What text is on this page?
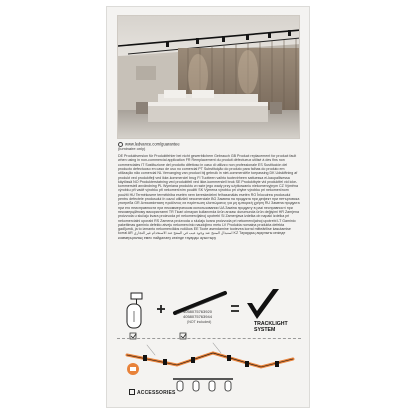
www.ledvance.com/guarantee
(luminaire only)

DE Produktversion für Produktfehler bei nicht gewerblichem Gebrauch GB Product replacement for product fault when using in non-commercial application FR Remplacement du produit défectueux utilisé à des fins non commerciales IT Sostituzione del prodotto difettoso in caso di utilizzo non professionale ES Sustitución del producto defectuoso en caso de uso no comercial PT Substituição do produto para falhas do produto em utilização não comercial NL Vervanging van product bij gebruik in niet-commerciële toepassing DK Udskiftning af produkt ved produktfejl ved ikke-kommerciel brug FI Tuotteen vaihto tuotevirheen sattuessa ei-kaupallisessa käytössä NO Produkterstatning ved produktfeil ved ikke-kommersiell bruk SE Produktbyte vid produktfel vid icke-kommersiell användning PL Wymiana produktu w razie jego wady przy użytkowaniu niekomercyjnym CZ Výměna výrobku při vadě výrobku při nekomerčním použití SK Výmena výrobku pri chybe výrobku pri nekomerčnom použití HU Termékcsere termékhiba esetén nem kereskedelmi felhasználás esetén RO Înlocuirea produsului pentru defectele produsului în cazul utilizării necomerciale BG Замяна на продукта при дефект при нетърговска употреба GR Αντικατάσταση προϊόντος σε περίπτωση ελαττώματος για μη εμπορική χρήση RU Замена продукта при его неисправности при некоммерческом использовании UA Заміна продукту в разі несправності при некомерційному використанні TR Ticari olmayan kullanımda ürün arızası durumunda ürün değişimi HR Zamjena proizvoda u slučaju kvara proizvoda pri nekomercijalnoj upotrebi SI Zamenjava izdelka ob napaki izdelka pri nekomercialni uporabi RS Zamena proizvoda u slučaju kvara proizvoda pri nekomercijalnoj upotrebi LT Gaminio pakeitimas gaminio defekto atveju nekomercinio naudojimo metu LV Produkta nomaiņa produkta defekta gadījumā, ja to izmanto nekomerciālos nolūkos EE Toote asendamine tootevea korral mitteärilise kasutamise korral AR استبدال المنتج عند وجود عيب في المنتج عند الاستخدام غير التجاري KZ Тауардың ақаулығы кезінде коммерциялық емес пайдалану кезінде тауарды ауыстыру

4058075763920
4058075763944
(NOT included)	TRACKLIGHT
SYSTEM
ACCESSORIES
